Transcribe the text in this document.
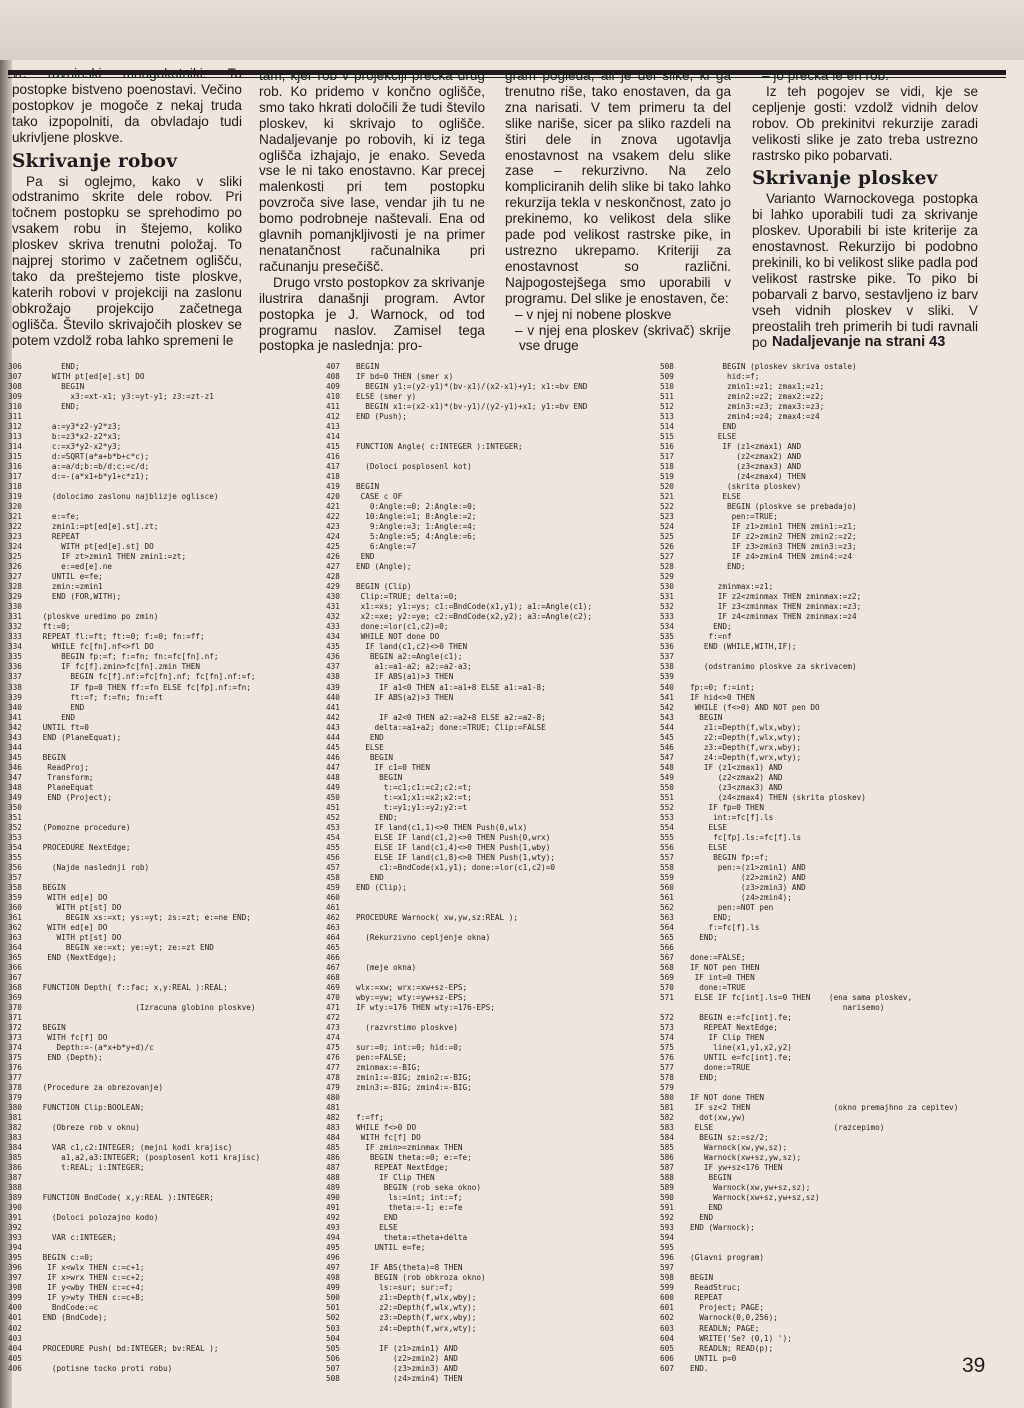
ve ravninski mnogokotniki. To postopke bistveno poenostavi. Večino postopkov je mogoče z nekaj truda tako izpopolniti, da obvladajo tudi ukrivljene ploskve.

Skrivanje robov

Pa si oglejmo, kako v sliki odstranimo skrite dele robov. Pri točnem postopku se sprehodimo po vsakem robu in štejemo, koliko ploskev skriva trenutni položaj. To najprej storimo v začetnem oglišču, tako da preštejemo tiste ploskve, katerih robovi v projekciji na zaslonu obkrožajo projekcijo začetnega oglišča. Število skrivajočih ploskev se potem vzdolž roba lahko spremeni le

tam, kjer rob v projekciji prečka drug rob. Ko pridemo v končno oglišče, smo tako hkrati določili že tudi število ploskev, ki skrivajo to oglišče. Nadaljevanje po robovih, ki iz tega oglišča izhajajo, je enako. Seveda vse le ni tako enostavno. Kar precej malenkosti pri tem postopku povzroča sive lase, vendar jih tu ne bomo podrobneje naštevali. Ena od glavnih pomanjkljivosti je na primer nenatančnost računalnika pri računanju presečišč.

Drugo vrsto postopkov za skrivanje ilustrira današnji program. Avtor postopka je J. Warnock, od tod programu naslov. Zamisel tega postopka je naslednja: pro-

gram pogleda, ali je del slike, ki ga trenutno riše, tako enostaven, da ga zna narisati. V tem primeru ta del slike nariše, sicer pa sliko razdeli na štiri dele in znova ugotavlja enostavnost na vsakem delu slike zase – rekurzivno. Na zelo kompliciranih delih slike bi tako lahko rekurzija tekla v neskončnost, zato jo prekinemo, ko velikost dela slike pade pod velikost rastrske pike, in ustrezno ukrepamo. Kriteriji za enostavnost so različni. Najpogostejšega smo uporabili v programu. Del slike je enostaven, če:

– v njej ni nobene ploskve

– v njej ena ploskev (skrivač) skrije vse druge

– jo prečka le en rob.

Iz teh pogojev se vidi, kje se cepljenje gosti: vzdolž vidnih delov robov. Ob prekinitvi rekurzije zaradi velikosti slike je zato treba ustrezno rastrsko piko pobarvati.

Skrivanje ploskev

Varianto Warnockovega postopka bi lahko uporabili tudi za skrivanje ploskev. Uporabili bi iste kriterije za enostavnost. Rekurzijo bi podobno prekinili, ko bi velikost slike padla pod velikost rastrske pike. To piko bi pobarvali z barvo, sestavljeno iz barv vseh vidnih ploskev v sliki. V preostalih treh primerih bi tudi ravnali po Nadaljevanje na strani 43
306     END;
307   WITH pt[ed[e].st] DO
308     BEGIN
309       x3:=xt-x1; y3:=yt-y1; z3:=zt-z1
310     END;
311
312   a:=y3*z2-y2*z3;
313   b:=z3*x2-z2*x3;
314   c:=x3*y2-x2*y3;
315   d:=SQRT(a*a+b*b+c*c);
316   a:=a/d;b:=b/d;c:=c/d;
317   d:=-(a*x1+b*y1+c*z1);
318
319   (dolocimo zaslonu najblizje oglisce)
320
321   e:=fe;
322   zmin1:=pt[ed[e].st].zt;
323   REPEAT
324     WITH pt[ed[e].st] DO
325     IF zt>zmin1 THEN zmin1:=zt;
326     e:=ed[e].ne
327   UNTIL e=fe;
328   zmin:=zmin1
329   END (FOR,WITH);
330
331 (ploskve uredimo po zmin)
332 ft:=0;
333 REPEAT fl:=ft; ft:=0; f:=0; fn:=ff;
334   WHILE fc[fn].nf<>fl DO
335     BEGIN fp:=f; f:=fn; fn:=fc[fn].nf;
336     IF fc[f].zmin>fc[fn].zmin THEN
337       BEGIN fc[f].nf:=fc[fn].nf; fc[fn].nf:=f;
338       IF fp=0 THEN ff:=fn ELSE fc[fp].nf:=fn;
339       ft:=f; f:=fn; fn:=ft
340       END
341     END
342 UNTIL ft=0
343 END (PlaneEquat);
344
345 BEGIN
346  ReadProj;
347  Transform;
348  PlaneEquat
349  END (Project);
350
351
352 (Pomozne procedure)
353
354 PROCEDURE NextEdge;
355
356   (Najde naslednji rob)
357
358 BEGIN
359  WITH ed[e] DO
360    WITH pt[st] DO
361      BEGIN xs:=xt; ys:=yt; zs:=zt; e:=ne END;
362  WITH ed[e] DO
363    WITH pt[st] DO
364      BEGIN xe:=xt; ye:=yt; ze:=zt END
365  END (NextEdge);
366
367
368 FUNCTION Depth( f::fac; x,y:REAL ):REAL;
369
370                     (Izracuna globino ploskve)
371
372 BEGIN
373  WITH fc[f] DO
374    Depth:=-(a*x+b*y+d)/c
375  END (Depth);
376
377
378 (Procedure za obrezovanje)
379
380 FUNCTION Clip:BOOLEAN;
381
382   (Obreze rob v oknu)
383
384   VAR c1,c2:INTEGER; (mejni kodi krajisc)
385     a1,a2,a3:INTEGER; (posplosenl koti krajisc)
386     t:REAL; i:INTEGER;
387
388
389 FUNCTION BndCode( x,y:REAL ):INTEGER;
390
391   (Doloci polozajno kodo)
392
393   VAR c:INTEGER;
394
395 BEGIN c:=0;
396  IF x<wlx THEN c:=c+1;
397  IF x>wrx THEN c:=c+2;
398  IF y<wby THEN c:=c+4;
399  IF y>wty THEN c:=c+8;
400   BndCode:=c
401 END (BndCode);
402
403
404 PROCEDURE Push( bd:INTEGER; bv:REAL );
405
406   (potisne tocko proti robu)
407 BEGIN
408 IF bd=0 THEN (smer x)
409  BEGIN y1:=(y2-y1)*(bv-x1)/(x2-x1)+y1; x1:=bv END
410 ELSE (smer y)
411  BEGIN x1:=(x2-x1)*(bv-y1)/(y2-y1)+x1; y1:=bv END
412 END (Push);
413
414
415 FUNCTION Angle( c:INTEGER ):INTEGER;
416
417  (Doloci posplosenl kot)
418
419 BEGIN
420 CASE c OF
421   0:Angle:=0; 2:Angle:=0;
422  10:Angle:=1; 8:Angle:=2;
423   9:Angle:=3; 1:Angle:=4;
424   5:Angle:=5; 4:Angle:=6;
425   6:Angle:=7
426 END
427 END (Angle);
428
429 BEGIN (Clip)
430 Clip:=TRUE; delta:=0;
431 x1:=xs; y1:=ys; c1:=BndCode(x1,y1); a1:=Angle(c1);
432 x2:=xe; y2:=ye; c2:=BndCode(x2,y2); a3:=Angle(c2);
433 done:=lor(c1,c2)=0;
434 WHILE NOT done DO
435  IF land(c1,c2)<>0 THEN
436   BEGIN a2:=Angle(c1);
437    a1:=a1-a2; a2:=a2-a3;
438    IF ABS(a1)>3 THEN
439     IF a1<0 THEN a1:=a1+8 ELSE a1:=a1-8;
440    IF ABS(a2)>3 THEN
441
442     IF a2<0 THEN a2:=a2+8 ELSE a2:=a2-8;
443    delta:=a1+a2; done:=TRUE; Clip:=FALSE
444   END
445  ELSE
446   BEGIN
447    IF c1=0 THEN
448     BEGIN
449      t:=c1;c1:=c2;c2:=t;
450      t:=x1;x1:=x2;x2:=t;
451      t:=y1;y1:=y2;y2:=t
452     END;
453    IF land(c1,1)<>0 THEN Push(0,wlx)
454    ELSE IF land(c1,2)<>0 THEN Push(0,wrx)
455    ELSE IF land(c1,4)<>0 THEN Push(1,wby)
456    ELSE IF land(c1,8)<>0 THEN Push(1,wty);
457     c1:=BndCode(x1,y1); done:=lor(c1,c2)=0
458   END
459 END (Clip);
460
461
462 PROCEDURE Warnock( xw,yw,sz:REAL );
463
464  (Rekurzivno cepljenje okna)
465
466
467  (meje okna)
468
469 wlx:=xw; wrx:=xw+sz-EPS;
470 wby:=yw; wty:=yw+sz-EPS;
471 IF wty:=176 THEN wty:=176-EPS;
472
473  (razvrstimo ploskve)
474
475 sur:=0; int:=0; hid:=0;
476 pen:=FALSE;
477 zminmax:=-BIG;
478 zmin1:=-BIG; zmin2:=-BIG;
479 zmin3:=-BIG; zmin4:=-BIG;
480
481
482 f:=ff;
483 WHILE f<>0 DO
484 WITH fc[f] DO
485  IF zmin>=zminmax THEN
486   BEGIN theta:=0; e:=fe;
487    REPEAT NextEdge;
488     IF Clip THEN
489      BEGIN (rob seka okno)
490       ls:=int; int:=f;
491       theta:=-1; e:=fe
492      END
493     ELSE
494      theta:=theta+delta
495    UNTIL e=fe;
496
497   IF ABS(theta)=8 THEN
498    BEGIN (rob obkroza okno)
499     ls:=sur; sur:=f;
500     z1:=Depth(f,wlx,wby);
501     z2:=Depth(f,wlx,wty);
502     z3:=Depth(f,wrx,wby);
503     z4:=Depth(f,wrx,wty);
504
505     IF (z1>zmin1) AND
506        (z2>zmin2) AND
507        (z3>zmin3) AND
508        (z4>zmin4) THEN
508       BEGIN (ploskev skriva ostale)
509        hid:=f;
510        zmin1:=z1; zmax1:=z1;
511        zmin2:=z2; zmax2:=z2;
512        zmin3:=z3; zmax3:=z3;
513        zmin4:=z4; zmax4:=z4
514       END
515      ELSE
516       IF (z1<zmax1) AND
517          (z2<zmax2) AND
518          (z3<zmax3) AND
519          (z4<zmax4) THEN
520        (skrita ploskev)
521       ELSE
522        BEGIN (ploskve se prebadajo)
523         pen:=TRUE;
524         IF z1>zmin1 THEN zmin1:=z1;
525         IF z2>zmin2 THEN zmin2:=z2;
526         IF z3>zmin3 THEN zmin3:=z3;
527         IF z4>zmin4 THEN zmin4:=z4
528        END;
529
530      zminmax:=z1;
531      IF z2<zminmax THEN zminmax:=z2;
532      IF z3<zminmax THEN zminmax:=z3;
533      IF z4<zminmax THEN zminmax:=z4
534     END;
535    f:=nf
536   END (WHILE,WITH,IF);
537
538   (odstranimo ploskve za skrivacem)
539
540 fp:=0; f:=int;
541 IF hid<>0 THEN
542 WHILE (f<>0) AND NOT pen DO
543  BEGIN
544   z1:=Depth(f,wlx,wby);
545   z2:=Depth(f,wlx,wty);
546   z3:=Depth(f,wrx,wby);
547   z4:=Depth(f,wrx,wty);
548   IF (z1<zmax1) AND
549      (z2<zmax2) AND
550      (z3<zmax3) AND
551      (z4<zmax4) THEN (skrita ploskev)
552    IF fp=0 THEN
553     int:=fc[f].ls
554    ELSE
555     fc[fp].ls:=fc[f].ls
556    ELSE
557     BEGIN fp:=f;
558      pen:=(z1>zmin1) AND
559           (z2>zmin2) AND
560           (z3>zmin3) AND
561           (z4>zmin4);
562      pen:=NOT pen
563     END;
564    f:=fc[f].ls
565  END;
566
567 done:=FALSE;
568 IF NOT pen THEN
569 IF int=0 THEN
570  done:=TRUE
571 ELSE IF fc[int].ls=0 THEN    (ena sama ploskev,
narisemo)
572  BEGIN e:=fc[int].fe;
573   REPEAT NextEdge;
574    IF Clip THEN
575     line(x1,y1,x2,y2)
576   UNTIL e=fc[int].fe;
577   done:=TRUE
578  END;
579
580 IF NOT done THEN
581 IF sz<2 THEN                  (okno premajhno za cepitev)
582  dot(xw,yw)
583 ELSE                          (razcepimo)
584  BEGIN sz:=sz/2;
585   Warnock(xw,yw,sz);
586   Warnock(xw+sz,yw,sz);
587   IF yw+sz<176 THEN
588    BEGIN
589     Warnock(xw,yw+sz,sz);
590     Warnock(xw+sz,yw+sz,sz)
591    END
592  END
593 END (Warnock);
594
595
596 (Glavni program)
597
598 BEGIN
599 ReadStruc;
600 REPEAT
601  Project; PAGE;
602  Warnock(0,0,256);
603  READLN; PAGE;
604  WRITE('Se? (0,1) ');
605  READLN; READ(p);
606 UNTIL p=0
607 END.	39
